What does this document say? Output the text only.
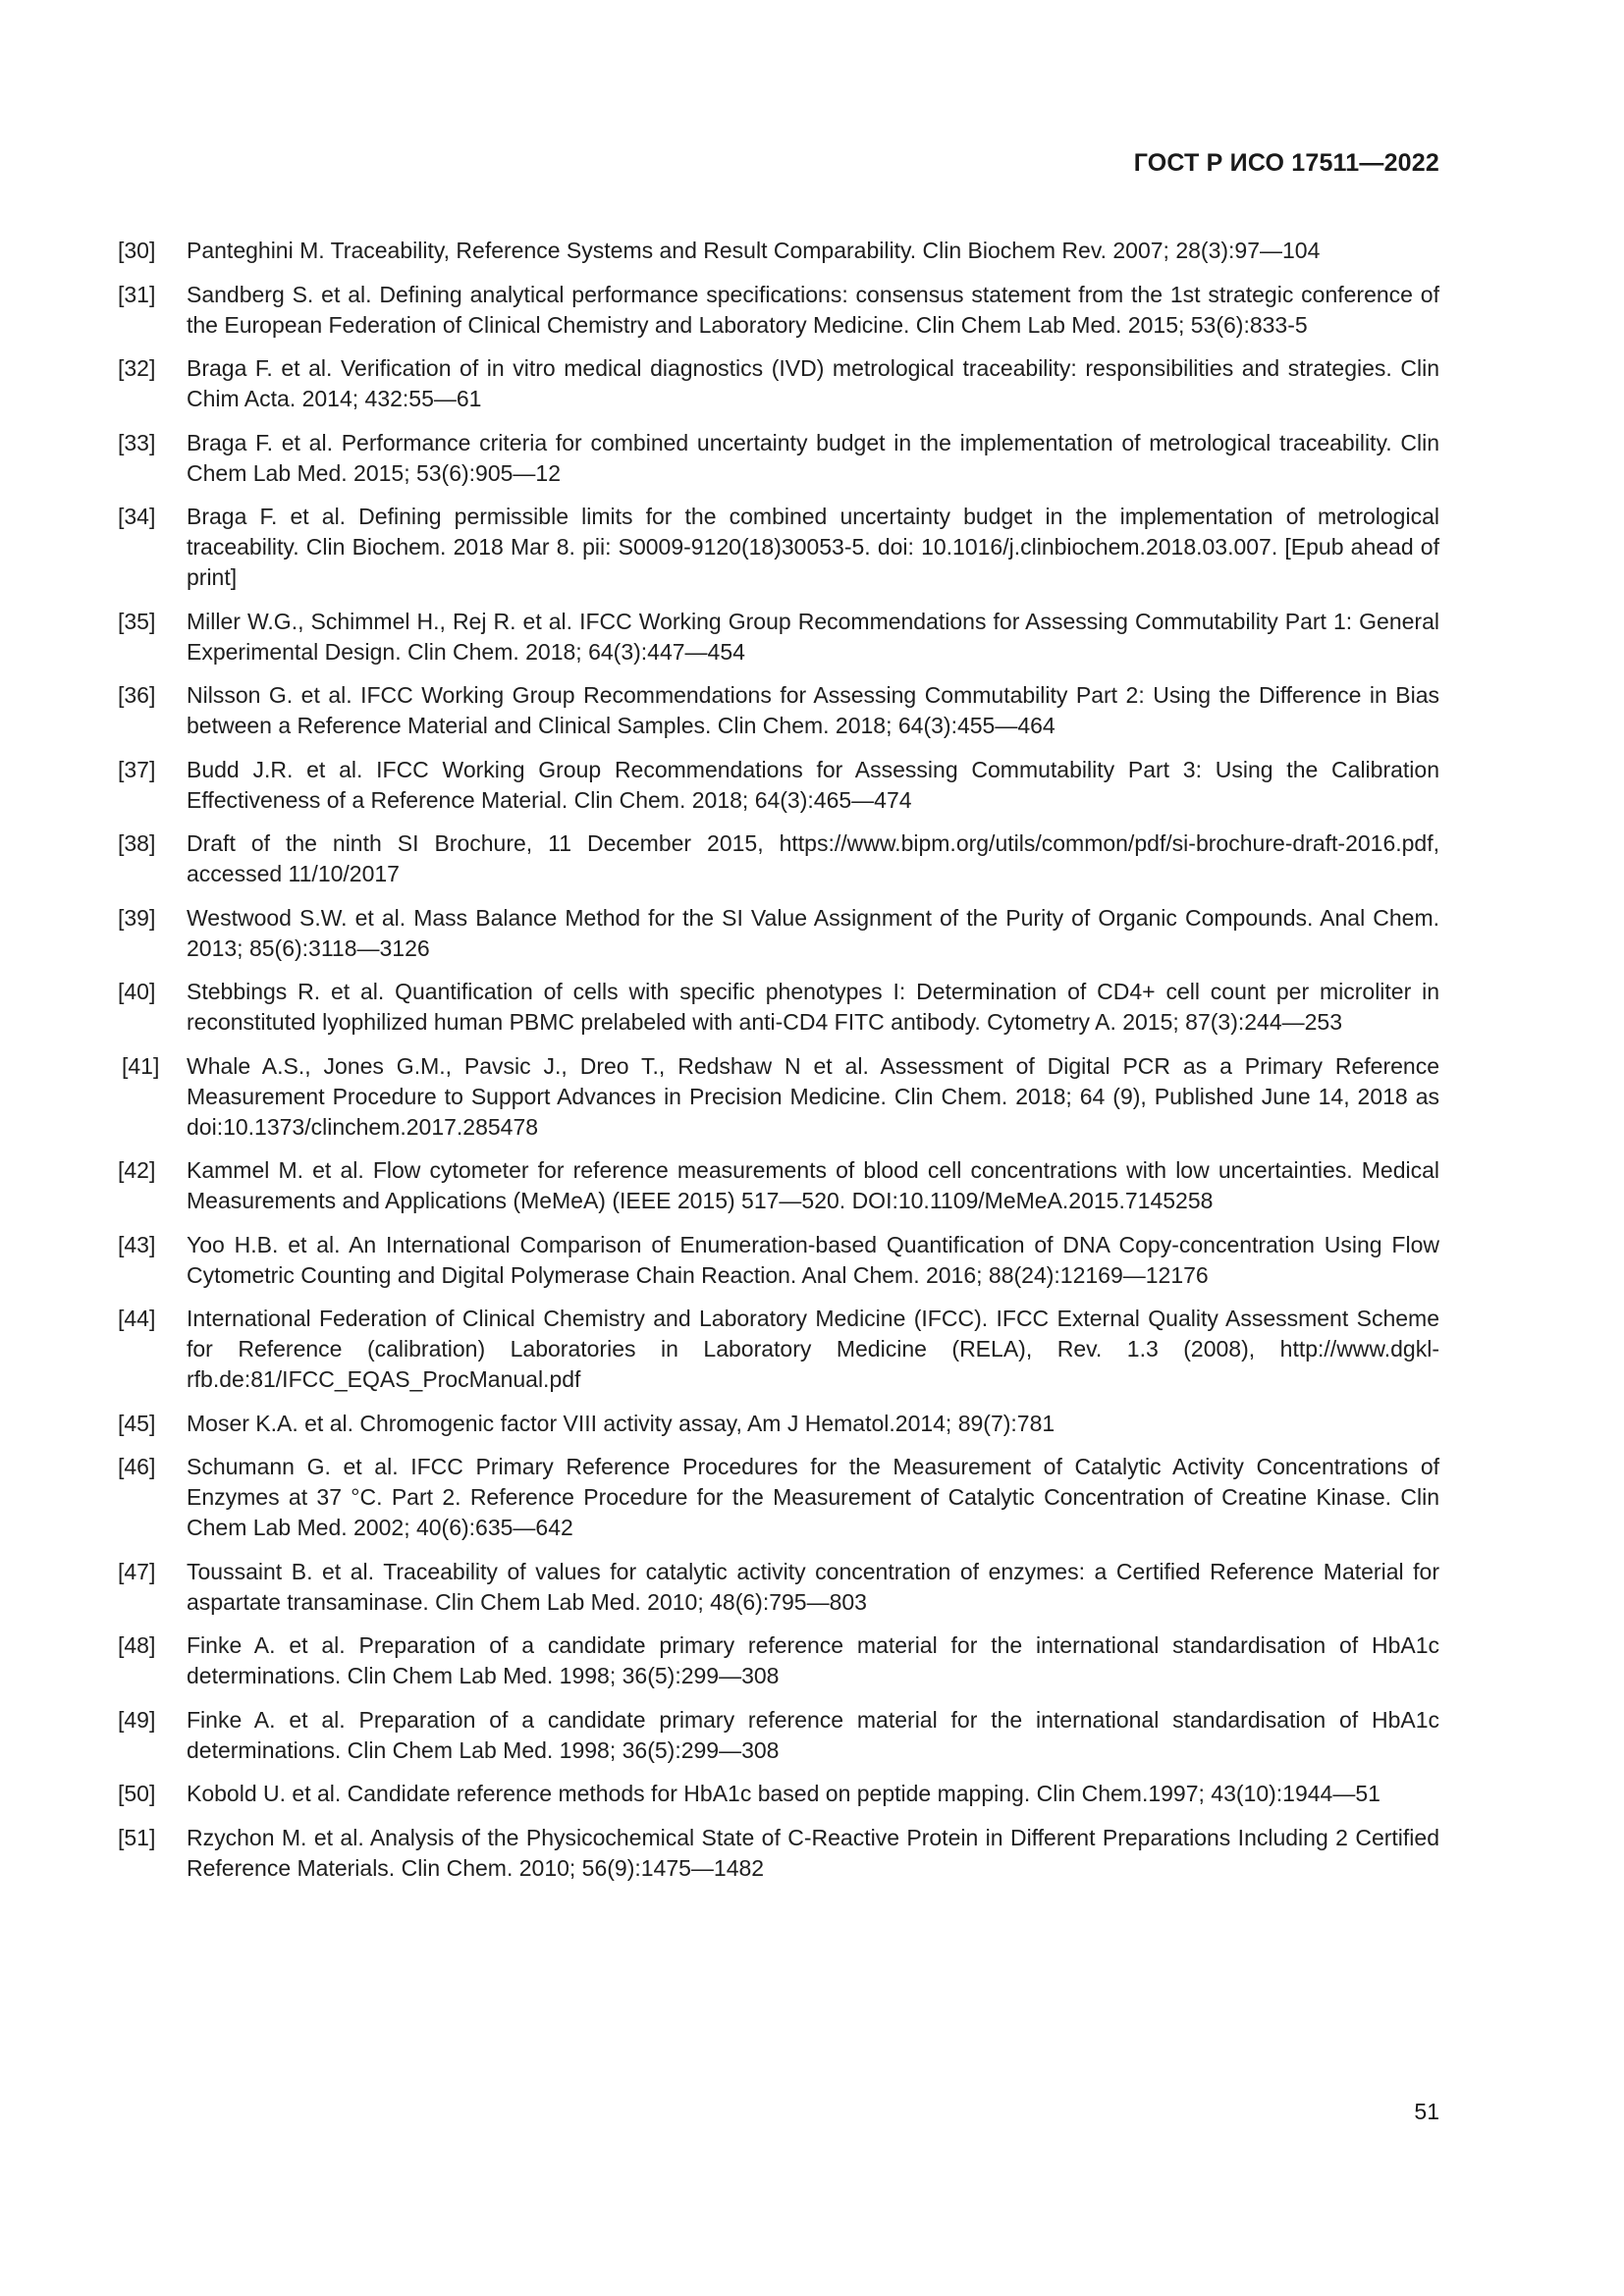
ГОСТ Р ИСО 17511—2022
[30]	Panteghini M. Traceability, Reference Systems and Result Comparability. Clin Biochem Rev. 2007; 28(3):97—104
[31]	Sandberg S. et al. Defining analytical performance specifications: consensus statement from the 1st strategic conference of the European Federation of Clinical Chemistry and Laboratory Medicine. Clin Chem Lab Med. 2015; 53(6):833-5
[32]	Braga F. et al. Verification of in vitro medical diagnostics (IVD) metrological traceability: responsibilities and strategies. Clin Chim Acta. 2014; 432:55—61
[33]	Braga F. et al. Performance criteria for combined uncertainty budget in the implementation of metrological traceability. Clin Chem Lab Med. 2015; 53(6):905—12
[34]	Braga F. et al. Defining permissible limits for the combined uncertainty budget in the implementation of metrological traceability. Clin Biochem. 2018 Mar 8. pii: S0009-9120(18)30053-5. doi: 10.1016/j.clinbiochem.2018.03.007. [Epub ahead of print]
[35]	Miller W.G., Schimmel H., Rej R. et al. IFCC Working Group Recommendations for Assessing Commutability Part 1: General Experimental Design. Clin Chem. 2018; 64(3):447—454
[36]	Nilsson G. et al. IFCC Working Group Recommendations for Assessing Commutability Part 2: Using the Difference in Bias between a Reference Material and Clinical Samples. Clin Chem. 2018; 64(3):455—464
[37]	Budd J.R. et al. IFCC Working Group Recommendations for Assessing Commutability Part 3: Using the Calibration Effectiveness of a Reference Material. Clin Chem. 2018; 64(3):465—474
[38]	Draft of the ninth SI Brochure, 11 December 2015, https://www.bipm.org/utils/common/pdf/si-brochure-draft-2016.pdf, accessed 11/10/2017
[39]	Westwood S.W. et al. Mass Balance Method for the SI Value Assignment of the Purity of Organic Compounds. Anal Chem. 2013; 85(6):3118—3126
[40]	Stebbings R. et al. Quantification of cells with specific phenotypes I: Determination of CD4+ cell count per microliter in reconstituted lyophilized human PBMC prelabeled with anti-CD4 FITC antibody. Cytometry A. 2015; 87(3):244—253
[41]	Whale A.S., Jones G.M., Pavsic J., Dreo T., Redshaw N et al. Assessment of Digital PCR as a Primary Reference Measurement Procedure to Support Advances in Precision Medicine. Clin Chem. 2018; 64 (9), Published June 14, 2018 as doi:10.1373/clinchem.2017.285478
[42]	Kammel M. et al. Flow cytometer for reference measurements of blood cell concentrations with low uncertainties. Medical Measurements and Applications (MeMeA) (IEEE 2015) 517—520. DOI:10.1109/MeMeA.2015.7145258
[43]	Yoo H.B. et al. An International Comparison of Enumeration-based Quantification of DNA Copy-concentration Using Flow Cytometric Counting and Digital Polymerase Chain Reaction. Anal Chem. 2016; 88(24):12169—12176
[44]	International Federation of Clinical Chemistry and Laboratory Medicine (IFCC). IFCC External Quality Assessment Scheme for Reference (calibration) Laboratories in Laboratory Medicine (RELA), Rev. 1.3 (2008), http://www.dgkl-rfb.de:81/IFCC_EQAS_ProcManual.pdf
[45]	Moser K.A. et al. Chromogenic factor VIII activity assay, Am J Hematol.2014; 89(7):781
[46]	Schumann G. et al. IFCC Primary Reference Procedures for the Measurement of Catalytic Activity Concentrations of Enzymes at 37 °C. Part 2. Reference Procedure for the Measurement of Catalytic Concentration of Creatine Kinase. Clin Chem Lab Med. 2002; 40(6):635—642
[47]	Toussaint B. et al. Traceability of values for catalytic activity concentration of enzymes: a Certified Reference Material for aspartate transaminase. Clin Chem Lab Med. 2010; 48(6):795—803
[48]	Finke A. et al. Preparation of a candidate primary reference material for the international standardisation of HbA1c determinations. Clin Chem Lab Med. 1998; 36(5):299—308
[49]	Finke A. et al. Preparation of a candidate primary reference material for the international standardisation of HbA1c determinations. Clin Chem Lab Med. 1998; 36(5):299—308
[50]	Kobold U. et al. Candidate reference methods for HbA1c based on peptide mapping. Clin Chem.1997; 43(10):1944—51
[51]	Rzychon M. et al. Analysis of the Physicochemical State of C-Reactive Protein in Different Preparations Including 2 Certified Reference Materials. Clin Chem. 2010; 56(9):1475—1482
51
